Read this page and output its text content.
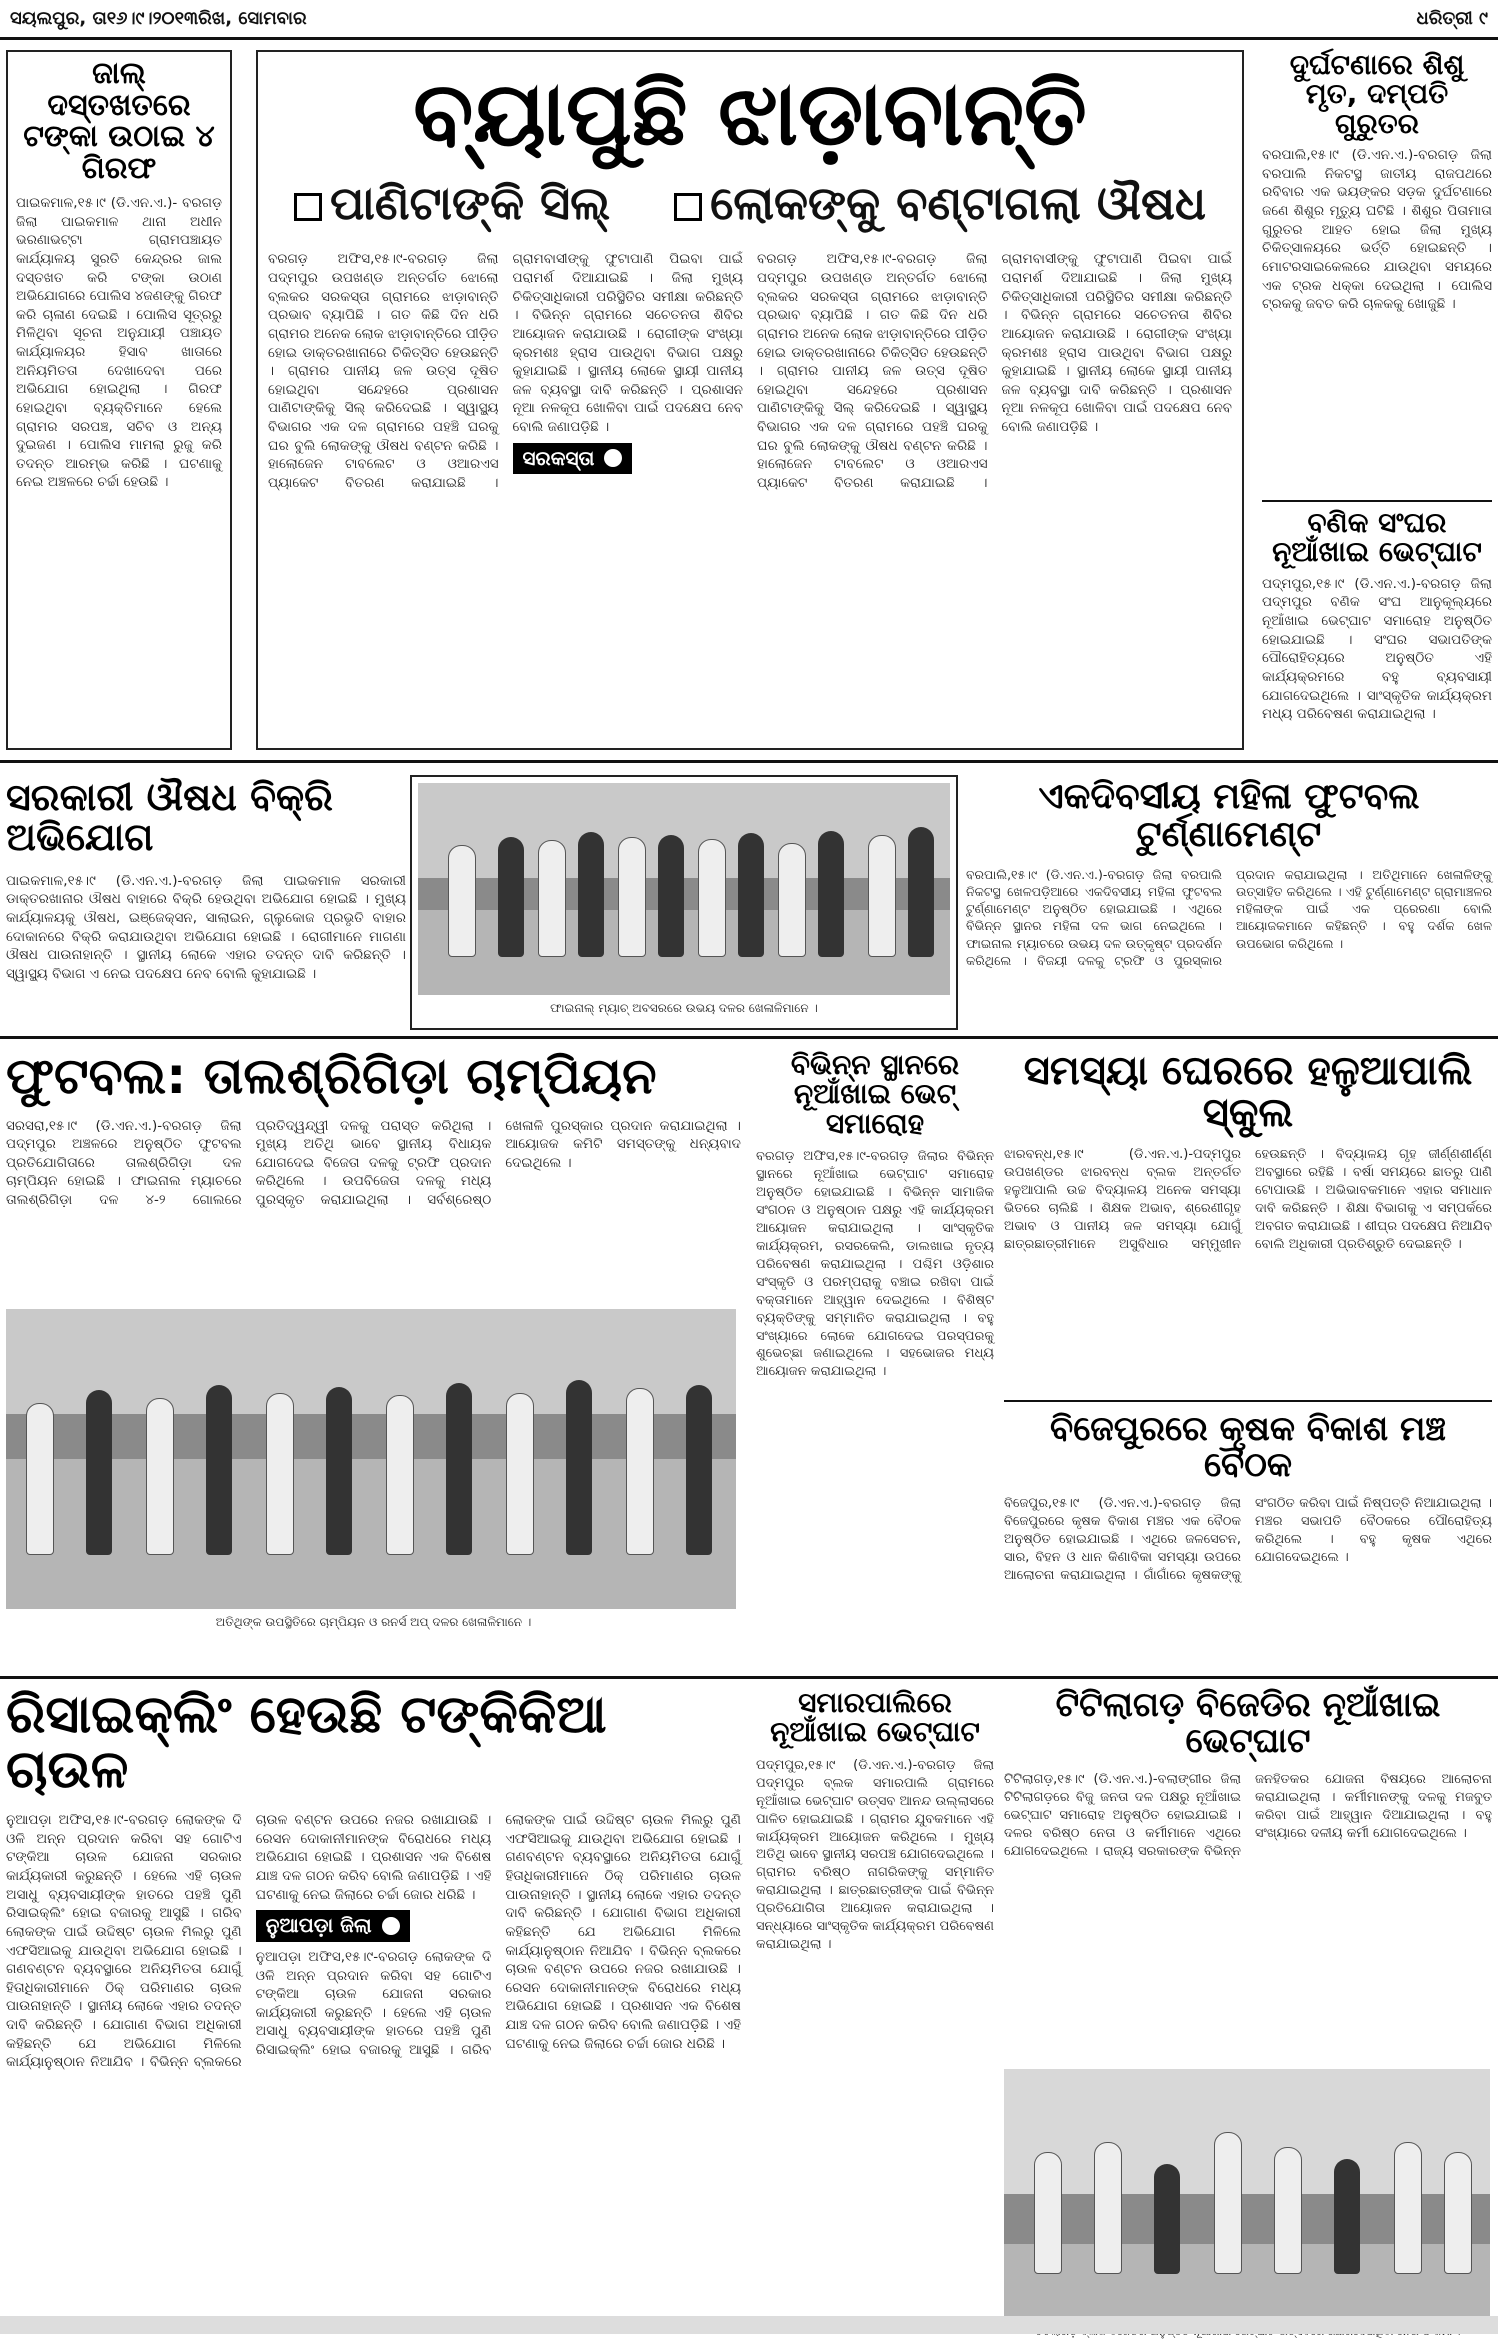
ସୟଲପୁର, ତା୧୬।୯।୨୦୧୩ରିଖ, ସୋମବାର	ଧରିତ୍ରୀ ୯
ଜାଲ୍ ଦସ୍ତଖତରେ ଟଙ୍କା ଉଠାଇ ୪ ଗିରଫ
ପାଇକମାଳ,୧୫।୯ (ଡି.ଏନ.ଏ.)- ବରଗଡ଼ ଜିଲା ପାଇକମାଳ ଥାନା ଅଧୀନ ଭରଣାଭଟ୍ଟା ଗ୍ରାମପଞ୍ଚାୟତ କାର୍ଯ୍ୟାଳୟ ସୁରତି କେନ୍ଦ୍ରର ଜାଲ ଦସ୍ତଖତ କରି ଟଙ୍କା ଉଠାଣ ଅଭିଯୋଗରେ ପୋଲିସ ୪ଜଣଙ୍କୁ ଗିରଫ କରି ଚାଳାଣ ଦେଇଛି । ପୋଲିସ ସୂତ୍ରରୁ ମିଳିଥିବା ସୂଚନା ଅନୁଯାୟୀ ପଞ୍ଚାୟତ କାର୍ଯ୍ୟାଳୟର ହିସାବ ଖାତାରେ ଅନିୟମିତତା ଦେଖାଦେବା ପରେ ଅଭିଯୋଗ ହୋଇଥିଲା । ଗିରଫ ହୋଇଥିବା ବ୍ୟକ୍ତିମାନେ ହେଲେ ଗ୍ରାମର ସରପଞ୍ଚ, ସଚିବ ଓ ଅନ୍ୟ ଦୁଇଜଣ । ପୋଲିସ ମାମଲା ରୁଜୁ କରି ତଦନ୍ତ ଆରମ୍ଭ କରିଛି । ଘଟଣାକୁ ନେଇ ଅଞ୍ଚଳରେ ଚର୍ଚ୍ଚା ହେଉଛି ।
ବ୍ୟାପୁଛି ଝାଡ଼ାବାନ୍ତି
ପାଣିଟାଙ୍କି ସିଲ୍ ଲୋକଙ୍କୁ ବଣ୍ଟାଗଲା ଔଷଧ
ବରଗଡ଼ ଅଫିସ,୧୫।୯-ବରଗଡ଼ ଜିଲା ପଦ୍ମପୁର ଉପଖଣ୍ଡ ଅନ୍ତର୍ଗତ ଝୋଲୋ ବ୍ଲକର ସରକସ୍ତା ଗ୍ରାମରେ ଝାଡ଼ାବାନ୍ତି ପ୍ରଭାବ ବ୍ୟାପିଛି । ଗତ କିଛି ଦିନ ଧରି ଗ୍ରାମର ଅନେକ ଲୋକ ଝାଡ଼ାବାନ୍ତିରେ ପୀଡ଼ିତ ହୋଇ ଡାକ୍ତରଖାନାରେ ଚିକିତ୍ସିତ ହେଉଛନ୍ତି । ଗ୍ରାମର ପାନୀୟ ଜଳ ଉତ୍ସ ଦୂଷିତ ହୋଇଥିବା ସନ୍ଦେହରେ ପ୍ରଶାସନ ପାଣିଟାଙ୍କିକୁ ସିଲ୍ କରିଦେଇଛି । ସ୍ୱାସ୍ଥ୍ୟ ବିଭାଗର ଏକ ଦଳ ଗ୍ରାମରେ ପହଞ୍ଚି ଘରକୁ ଘର ବୁଲି ଲୋକଙ୍କୁ ଔଷଧ ବଣ୍ଟନ କରିଛି । ହାଲୋଜେନ ଟାବଲେଟ ଓ ଓଆରଏସ ପ୍ୟାକେଟ ବିତରଣ କରାଯାଇଛି । ଗ୍ରାମବାସୀଙ୍କୁ ଫୁଟାପାଣି ପିଇବା ପାଇଁ ପରାମର୍ଶ ଦିଆଯାଇଛି । ଜିଲା ମୁଖ୍ୟ ଚିକିତ୍ସାଧିକାରୀ ପରିସ୍ଥିତିର ସମୀକ୍ଷା କରିଛନ୍ତି । ବିଭିନ୍ନ ଗ୍ରାମରେ ସଚେତନତା ଶିବିର ଆୟୋଜନ କରାଯାଉଛି । ରୋଗୀଙ୍କ ସଂଖ୍ୟା କ୍ରମଶଃ ହ୍ରାସ ପାଉଥିବା ବିଭାଗ ପକ୍ଷରୁ କୁହାଯାଇଛି । ସ୍ଥାନୀୟ ଲୋକେ ସ୍ଥାୟୀ ପାନୀୟ ଜଳ ବ୍ୟବସ୍ଥା ଦାବି କରିଛନ୍ତି । ପ୍ରଶାସନ ନୂଆ ନଳକୂପ ଖୋଳିବା ପାଇଁ ପଦକ୍ଷେପ ନେବ ବୋଲି ଜଣାପଡ଼ିଛି ।
ସରକସ୍ତା
ବରଗଡ଼ ଅଫିସ,୧୫।୯-ବରଗଡ଼ ଜିଲା ପଦ୍ମପୁର ଉପଖଣ୍ଡ ଅନ୍ତର୍ଗତ ଝୋଲୋ ବ୍ଲକର ସରକସ୍ତା ଗ୍ରାମରେ ଝାଡ଼ାବାନ୍ତି ପ୍ରଭାବ ବ୍ୟାପିଛି । ଗତ କିଛି ଦିନ ଧରି ଗ୍ରାମର ଅନେକ ଲୋକ ଝାଡ଼ାବାନ୍ତିରେ ପୀଡ଼ିତ ହୋଇ ଡାକ୍ତରଖାନାରେ ଚିକିତ୍ସିତ ହେଉଛନ୍ତି । ଗ୍ରାମର ପାନୀୟ ଜଳ ଉତ୍ସ ଦୂଷିତ ହୋଇଥିବା ସନ୍ଦେହରେ ପ୍ରଶାସନ ପାଣିଟାଙ୍କିକୁ ସିଲ୍ କରିଦେଇଛି । ସ୍ୱାସ୍ଥ୍ୟ ବିଭାଗର ଏକ ଦଳ ଗ୍ରାମରେ ପହଞ୍ଚି ଘରକୁ ଘର ବୁଲି ଲୋକଙ୍କୁ ଔଷଧ ବଣ୍ଟନ କରିଛି । ହାଲୋଜେନ ଟାବଲେଟ ଓ ଓଆରଏସ ପ୍ୟାକେଟ ବିତରଣ କରାଯାଇଛି । ଗ୍ରାମବାସୀଙ୍କୁ ଫୁଟାପାଣି ପିଇବା ପାଇଁ ପରାମର୍ଶ ଦିଆଯାଇଛି । ଜିଲା ମୁଖ୍ୟ ଚିକିତ୍ସାଧିକାରୀ ପରିସ୍ଥିତିର ସମୀକ୍ଷା କରିଛନ୍ତି । ବିଭିନ୍ନ ଗ୍ରାମରେ ସଚେତନତା ଶିବିର ଆୟୋଜନ କରାଯାଉଛି । ରୋଗୀଙ୍କ ସଂଖ୍ୟା କ୍ରମଶଃ ହ୍ରାସ ପାଉଥିବା ବିଭାଗ ପକ୍ଷରୁ କୁହାଯାଇଛି । ସ୍ଥାନୀୟ ଲୋକେ ସ୍ଥାୟୀ ପାନୀୟ ଜଳ ବ୍ୟବସ୍ଥା ଦାବି କରିଛନ୍ତି । ପ୍ରଶାସନ ନୂଆ ନଳକୂପ ଖୋଳିବା ପାଇଁ ପଦକ୍ଷେପ ନେବ ବୋଲି ଜଣାପଡ଼ିଛି ।
ଦୁର୍ଘଟଣାରେ ଶିଶୁ ମୃତ, ଦମ୍ପତି ଗୁରୁତର
ବରପାଲି,୧୫।୯ (ଡି.ଏନ.ଏ.)-ବରଗଡ଼ ଜିଲା ବରପାଲି ନିକଟସ୍ଥ ଜାତୀୟ ରାଜପଥରେ ରବିବାର ଏକ ଭୟଙ୍କର ସଡ଼କ ଦୁର୍ଘଟଣାରେ ଜଣେ ଶିଶୁର ମୃତ୍ୟୁ ଘଟିଛି । ଶିଶୁର ପିତାମାତା ଗୁରୁତର ଆହତ ହୋଇ ଜିଲା ମୁଖ୍ୟ ଚିକିତ୍ସାଳୟରେ ଭର୍ତ୍ତି ହୋଇଛନ୍ତି । ମୋଟରସାଇକେଲରେ ଯାଉଥିବା ସମୟରେ ଏକ ଟ୍ରକ ଧକ୍କା ଦେଇଥିଲା । ପୋଲିସ ଟ୍ରକକୁ ଜବତ କରି ଚାଳକକୁ ଖୋଜୁଛି ।
ବଣିକ ସଂଘର ନୂଆଁଖାଇ ଭେଟ୍‌ଘାଟ
ପଦ୍ମପୁର,୧୫।୯ (ଡି.ଏନ.ଏ.)-ବରଗଡ଼ ଜିଲା ପଦ୍ମପୁର ବଣିକ ସଂଘ ଆନୁକୂଲ୍ୟରେ ନୂଆଁଖାଇ ଭେଟ୍‌ଘାଟ ସମାରୋହ ଅନୁଷ୍ଠିତ ହୋଇଯାଇଛି । ସଂଘର ସଭାପତିଙ୍କ ପୌରୋହିତ୍ୟରେ ଅନୁଷ୍ଠିତ ଏହି କାର୍ଯ୍ୟକ୍ରମରେ ବହୁ ବ୍ୟବସାୟୀ ଯୋଗଦେଇଥିଲେ । ସାଂସ୍କୃତିକ କାର୍ଯ୍ୟକ୍ରମ ମଧ୍ୟ ପରିବେଷଣ କରାଯାଇଥିଲା ।
ସରକାରୀ ଔଷଧ ବିକ୍ରି ଅଭିଯୋଗ
ପାଇକମାଳ,୧୫।୯ (ଡି.ଏନ.ଏ.)-ବରଗଡ଼ ଜିଲା ପାଇକମାଳ ସରକାରୀ ଡାକ୍ତରଖାନାର ଔଷଧ ବାହାରେ ବିକ୍ରି ହେଉଥିବା ଅଭିଯୋଗ ହୋଇଛି । ମୁଖ୍ୟ କାର୍ଯ୍ୟାଳୟକୁ ଔଷଧ, ଇଞ୍ଜେକ୍ସନ, ସାଲାଇନ, ଗ୍ଲୁକୋଜ ପ୍ରଭୃତି ବାହାର ଦୋକାନରେ ବିକ୍ରି କରାଯାଉଥିବା ଅଭିଯୋଗ ହୋଇଛି । ରୋଗୀମାନେ ମାଗଣା ଔଷଧ ପାଉନାହାନ୍ତି । ସ୍ଥାନୀୟ ଲୋକେ ଏହାର ତଦନ୍ତ ଦାବି କରିଛନ୍ତି । ସ୍ୱାସ୍ଥ୍ୟ ବିଭାଗ ଏ ନେଇ ପଦକ୍ଷେପ ନେବ ବୋଲି କୁହାଯାଇଛି ।
ଫାଇନାଲ୍ ମ୍ୟାଚ୍ ଅବସରରେ ଉଭୟ ଦଳର ଖେଳାଳିମାନେ ।
ଏକଦିବସୀୟ ମହିଳା ଫୁଟବଲ ଟୁର୍ଣ୍ଣାମେଣ୍ଟ
ବରପାଲି,୧୫।୯ (ଡି.ଏନ.ଏ.)-ବରଗଡ଼ ଜିଲା ବରପାଲି ନିକଟସ୍ଥ ଖେଳପଡ଼ିଆରେ ଏକଦିବସୀୟ ମହିଳା ଫୁଟବଲ ଟୁର୍ଣ୍ଣାମେଣ୍ଟ ଅନୁଷ୍ଠିତ ହୋଇଯାଇଛି । ଏଥିରେ ବିଭିନ୍ନ ସ୍ଥାନର ମହିଳା ଦଳ ଭାଗ ନେଇଥିଲେ । ଫାଇନାଲ ମ୍ୟାଚରେ ଉଭୟ ଦଳ ଉତ୍କୃଷ୍ଟ ପ୍ରଦର୍ଶନ କରିଥିଲେ । ବିଜୟୀ ଦଳକୁ ଟ୍ରଫି ଓ ପୁରସ୍କାର ପ୍ରଦାନ କରାଯାଇଥିଲା । ଅତିଥିମାନେ ଖେଳାଳିଙ୍କୁ ଉତ୍ସାହିତ କରିଥିଲେ । ଏହି ଟୁର୍ଣ୍ଣାମେଣ୍ଟ ଗ୍ରାମାଞ୍ଚଳର ମହିଳାଙ୍କ ପାଇଁ ଏକ ପ୍ରେରଣା ବୋଲି ଆୟୋଜକମାନେ କହିଛନ୍ତି । ବହୁ ଦର୍ଶକ ଖେଳ ଉପଭୋଗ କରିଥିଲେ ।
ଫୁଟବଲ: ତାଲଶ୍ରିଗିଡ଼ା ଚାମ୍ପିୟନ
ସରସରା,୧୫।୯ (ଡି.ଏନ.ଏ.)-ବରଗଡ଼ ଜିଲା ପଦ୍ମପୁର ଅଞ୍ଚଳରେ ଅନୁଷ୍ଠିତ ଫୁଟବଲ ପ୍ରତିଯୋଗିତାରେ ତାଲଶ୍ରିଗିଡ଼ା ଦଳ ଚାମ୍ପିୟନ ହୋଇଛି । ଫାଇନାଲ ମ୍ୟାଚରେ ତାଲଶ୍ରିଗିଡ଼ା ଦଳ ୪-୨ ଗୋଲରେ ପ୍ରତିଦ୍ୱନ୍ଦ୍ୱୀ ଦଳକୁ ପରାସ୍ତ କରିଥିଲା । ମୁଖ୍ୟ ଅତିଥି ଭାବେ ସ୍ଥାନୀୟ ବିଧାୟକ ଯୋଗଦେଇ ବିଜେତା ଦଳକୁ ଟ୍ରଫି ପ୍ରଦାନ କରିଥିଲେ । ଉପବିଜେତା ଦଳକୁ ମଧ୍ୟ ପୁରସ୍କୃତ କରାଯାଇଥିଲା । ସର୍ବଶ୍ରେଷ୍ଠ ଖେଳାଳି ପୁରସ୍କାର ପ୍ରଦାନ କରାଯାଇଥିଲା । ଆୟୋଜକ କମିଟି ସମସ୍ତଙ୍କୁ ଧନ୍ୟବାଦ ଦେଇଥିଲେ ।
ଅତିଥିଙ୍କ ଉପସ୍ଥିତିରେ ଚାମ୍ପିୟନ ଓ ରନର୍ସ ଅପ୍ ଦଳର ଖେଳାଳିମାନେ ।
ବିଭିନ୍ନ ସ୍ଥାନରେ ନୂଆଁଖାଇ ଭେଟ୍ ସମାରୋହ
ବରଗଡ଼ ଅଫିସ,୧୫।୯-ବରଗଡ଼ ଜିଲାର ବିଭିନ୍ନ ସ୍ଥାନରେ ନୂଆଁଖାଇ ଭେଟ୍‌ଘାଟ ସମାରୋହ ଅନୁଷ୍ଠିତ ହୋଇଯାଇଛି । ବିଭିନ୍ନ ସାମାଜିକ ସଂଗଠନ ଓ ଅନୁଷ୍ଠାନ ପକ୍ଷରୁ ଏହି କାର୍ଯ୍ୟକ୍ରମ ଆୟୋଜନ କରାଯାଇଥିଲା । ସାଂସ୍କୃତିକ କାର୍ଯ୍ୟକ୍ରମ, ରସରକେଲି, ଡାଲଖାଇ ନୃତ୍ୟ ପରିବେଷଣ କରାଯାଇଥିଲା । ପଶ୍ଚିମ ଓଡ଼ିଶାର ସଂସ୍କୃତି ଓ ପରମ୍ପରାକୁ ବଞ୍ଚାଇ ରଖିବା ପାଇଁ ବକ୍ତାମାନେ ଆହ୍ୱାନ ଦେଇଥିଲେ । ବିଶିଷ୍ଟ ବ୍ୟକ୍ତିଙ୍କୁ ସମ୍ମାନିତ କରାଯାଇଥିଲା । ବହୁ ସଂଖ୍ୟାରେ ଲୋକେ ଯୋଗଦେଇ ପରସ୍ପରକୁ ଶୁଭେଚ୍ଛା ଜଣାଇଥିଲେ । ସହଭୋଜର ମଧ୍ୟ ଆୟୋଜନ କରାଯାଇଥିଲା ।
ସମସ୍ୟା ଘେରରେ ହଳୁଆପାଲି ସ୍କୁଲ
ଝାରବନ୍ଧ,୧୫।୯ (ଡି.ଏନ.ଏ.)-ପଦ୍ମପୁର ଉପଖଣ୍ଡର ଝାରବନ୍ଧ ବ୍ଲକ ଅନ୍ତର୍ଗତ ହଳୁଆପାଲି ଉଚ୍ଚ ବିଦ୍ୟାଳୟ ଅନେକ ସମସ୍ୟା ଭିତରେ ଚାଲିଛି । ଶିକ୍ଷକ ଅଭାବ, ଶ୍ରେଣୀଗୃହ ଅଭାବ ଓ ପାନୀୟ ଜଳ ସମସ୍ୟା ଯୋଗୁଁ ଛାତ୍ରଛାତ୍ରୀମାନେ ଅସୁବିଧାର ସମ୍ମୁଖୀନ ହେଉଛନ୍ତି । ବିଦ୍ୟାଳୟ ଗୃହ ଜୀର୍ଣ୍ଣଶୀର୍ଣ୍ଣ ଅବସ୍ଥାରେ ରହିଛି । ବର୍ଷା ସମୟରେ ଛାତରୁ ପାଣି ଟୋପାଉଛି । ଅଭିଭାବକମାନେ ଏହାର ସମାଧାନ ଦାବି କରିଛନ୍ତି । ଶିକ୍ଷା ବିଭାଗକୁ ଏ ସମ୍ପର୍କରେ ଅବଗତ କରାଯାଇଛି । ଶୀଘ୍ର ପଦକ୍ଷେପ ନିଆଯିବ ବୋଲି ଅଧିକାରୀ ପ୍ରତିଶ୍ରୁତି ଦେଇଛନ୍ତି ।
ବିଜେପୁରରେ କୃଷକ ବିକାଶ ମଞ୍ଚ ବୈଠକ
ବିଜେପୁର,୧୫।୯ (ଡି.ଏନ.ଏ.)-ବରଗଡ଼ ଜିଲା ବିଜେପୁରରେ କୃଷକ ବିକାଶ ମଞ୍ଚର ଏକ ବୈଠକ ଅନୁଷ୍ଠିତ ହୋଇଯାଇଛି । ଏଥିରେ ଜଳସେଚନ, ସାର, ବିହନ ଓ ଧାନ କିଣାବିକା ସମସ୍ୟା ଉପରେ ଆଲୋଚନା କରାଯାଇଥିଲା । ଗାଁଗାଁରେ କୃଷକଙ୍କୁ ସଂଗଠିତ କରିବା ପାଇଁ ନିଷ୍ପତ୍ତି ନିଆଯାଇଥିଲା । ମଞ୍ଚର ସଭାପତି ବୈଠକରେ ପୌରୋହିତ୍ୟ କରିଥିଲେ । ବହୁ କୃଷକ ଏଥିରେ ଯୋଗଦେଇଥିଲେ ।
ରିସାଇକ୍ଲିଂ ହେଉଛି ଟଙ୍କିକିଆ ଚାଉଳ
ନୁଆପଡ଼ା ଅଫିସ,୧୫।୯-ବରଗଡ଼ ଲୋକଙ୍କ ଦି ଓଳି ଅନ୍ନ ପ୍ରଦାନ କରିବା ସହ ଗୋଟିଏ ଟଙ୍କିଆ ଚାଉଳ ଯୋଜନା ସରକାର କାର୍ଯ୍ୟକାରୀ କରୁଛନ୍ତି । ହେଲେ ଏହି ଚାଉଳ ଅସାଧୁ ବ୍ୟବସାୟୀଙ୍କ ହାତରେ ପହଞ୍ଚି ପୁଣି ରିସାଇକ୍ଲିଂ ହୋଇ ବଜାରକୁ ଆସୁଛି । ଗରିବ ଲୋକଙ୍କ ପାଇଁ ଉଦ୍ଦିଷ୍ଟ ଚାଉଳ ମିଲରୁ ପୁଣି ଏଫସିଆଇକୁ ଯାଉଥିବା ଅଭିଯୋଗ ହୋଇଛି । ଗଣବଣ୍ଟନ ବ୍ୟବସ୍ଥାରେ ଅନିୟମିତତା ଯୋଗୁଁ ହିତାଧିକାରୀମାନେ ଠିକ୍ ପରିମାଣର ଚାଉଳ ପାଉନାହାନ୍ତି । ସ୍ଥାନୀୟ ଲୋକେ ଏହାର ତଦନ୍ତ ଦାବି କରିଛନ୍ତି । ଯୋଗାଣ ବିଭାଗ ଅଧିକାରୀ କହିଛନ୍ତି ଯେ ଅଭିଯୋଗ ମିଳିଲେ କାର୍ଯ୍ୟାନୁଷ୍ଠାନ ନିଆଯିବ । ବିଭିନ୍ନ ବ୍ଲକରେ ଚାଉଳ ବଣ୍ଟନ ଉପରେ ନଜର ରଖାଯାଉଛି । ରେସନ ଦୋକାନୀମାନଙ୍କ ବିରୋଧରେ ମଧ୍ୟ ଅଭିଯୋଗ ହୋଇଛି । ପ୍ରଶାସନ ଏକ ବିଶେଷ ଯାଞ୍ଚ ଦଳ ଗଠନ କରିବ ବୋଲି ଜଣାପଡ଼ିଛି । ଏହି ଘଟଣାକୁ ନେଇ ଜିଲାରେ ଚର୍ଚ୍ଚା ଜୋର ଧରିଛି ।
ନୁଆପଡ଼ା ଜିଲା
ନୁଆପଡ଼ା ଅଫିସ,୧୫।୯-ବରଗଡ଼ ଲୋକଙ୍କ ଦି ଓଳି ଅନ୍ନ ପ୍ରଦାନ କରିବା ସହ ଗୋଟିଏ ଟଙ୍କିଆ ଚାଉଳ ଯୋଜନା ସରକାର କାର୍ଯ୍ୟକାରୀ କରୁଛନ୍ତି । ହେଲେ ଏହି ଚାଉଳ ଅସାଧୁ ବ୍ୟବସାୟୀଙ୍କ ହାତରେ ପହଞ୍ଚି ପୁଣି ରିସାଇକ୍ଲିଂ ହୋଇ ବଜାରକୁ ଆସୁଛି । ଗରିବ ଲୋକଙ୍କ ପାଇଁ ଉଦ୍ଦିଷ୍ଟ ଚାଉଳ ମିଲରୁ ପୁଣି ଏଫସିଆଇକୁ ଯାଉଥିବା ଅଭିଯୋଗ ହୋଇଛି । ଗଣବଣ୍ଟନ ବ୍ୟବସ୍ଥାରେ ଅନିୟମିତତା ଯୋଗୁଁ ହିତାଧିକାରୀମାନେ ଠିକ୍ ପରିମାଣର ଚାଉଳ ପାଉନାହାନ୍ତି । ସ୍ଥାନୀୟ ଲୋକେ ଏହାର ତଦନ୍ତ ଦାବି କରିଛନ୍ତି । ଯୋଗାଣ ବିଭାଗ ଅଧିକାରୀ କହିଛନ୍ତି ଯେ ଅଭିଯୋଗ ମିଳିଲେ କାର୍ଯ୍ୟାନୁଷ୍ଠାନ ନିଆଯିବ । ବିଭିନ୍ନ ବ୍ଲକରେ ଚାଉଳ ବଣ୍ଟନ ଉପରେ ନଜର ରଖାଯାଉଛି । ରେସନ ଦୋକାନୀମାନଙ୍କ ବିରୋଧରେ ମଧ୍ୟ ଅଭିଯୋଗ ହୋଇଛି । ପ୍ରଶାସନ ଏକ ବିଶେଷ ଯାଞ୍ଚ ଦଳ ଗଠନ କରିବ ବୋଲି ଜଣାପଡ଼ିଛି । ଏହି ଘଟଣାକୁ ନେଇ ଜିଲାରେ ଚର୍ଚ୍ଚା ଜୋର ଧରିଛି ।
ସମାରପାଲିରେ ନୂଆଁଖାଇ ଭେଟ୍‌ଘାଟ
ପଦ୍ମପୁର,୧୫।୯ (ଡି.ଏନ.ଏ.)-ବରଗଡ଼ ଜିଲା ପଦ୍ମପୁର ବ୍ଲକ ସମାରପାଲି ଗ୍ରାମରେ ନୂଆଁଖାଇ ଭେଟ୍‌ଘାଟ ଉତ୍ସବ ଆନନ୍ଦ ଉଲ୍ଲାସରେ ପାଳିତ ହୋଇଯାଇଛି । ଗ୍ରାମର ଯୁବକମାନେ ଏହି କାର୍ଯ୍ୟକ୍ରମ ଆୟୋଜନ କରିଥିଲେ । ମୁଖ୍ୟ ଅତିଥି ଭାବେ ସ୍ଥାନୀୟ ସରପଞ୍ଚ ଯୋଗଦେଇଥିଲେ । ଗ୍ରାମର ବରିଷ୍ଠ ନାଗରିକଙ୍କୁ ସମ୍ମାନିତ କରାଯାଇଥିଲା । ଛାତ୍ରଛାତ୍ରୀଙ୍କ ପାଇଁ ବିଭିନ୍ନ ପ୍ରତିଯୋଗିତା ଆୟୋଜନ କରାଯାଇଥିଲା । ସନ୍ଧ୍ୟାରେ ସାଂସ୍କୃତିକ କାର୍ଯ୍ୟକ୍ରମ ପରିବେଷଣ କରାଯାଇଥିଲା ।
ଟିଟିଲାଗଡ଼ ବିଜେଡିର ନୂଆଁଖାଇ ଭେଟ୍‌ଘାଟ
ଟିଟିଲାଗଡ଼,୧୫।୯ (ଡି.ଏନ.ଏ.)-ବଲାଙ୍ଗୀର ଜିଲା ଟିଟିଲାଗଡ଼ରେ ବିଜୁ ଜନତା ଦଳ ପକ୍ଷରୁ ନୂଆଁଖାଇ ଭେଟ୍‌ଘାଟ ସମାରୋହ ଅନୁଷ୍ଠିତ ହୋଇଯାଇଛି । ଦଳର ବରିଷ୍ଠ ନେତା ଓ କର୍ମୀମାନେ ଏଥିରେ ଯୋଗଦେଇଥିଲେ । ରାଜ୍ୟ ସରକାରଙ୍କ ବିଭିନ୍ନ ଜନହିତକର ଯୋଜନା ବିଷୟରେ ଆଲୋଚନା କରାଯାଇଥିଲା । କର୍ମୀମାନଙ୍କୁ ଦଳକୁ ମଜବୁତ କରିବା ପାଇଁ ଆହ୍ୱାନ ଦିଆଯାଇଥିଲା । ବହୁ ସଂଖ୍ୟାରେ ଦଳୀୟ କର୍ମୀ ଯୋଗଦେଇଥିଲେ ।
